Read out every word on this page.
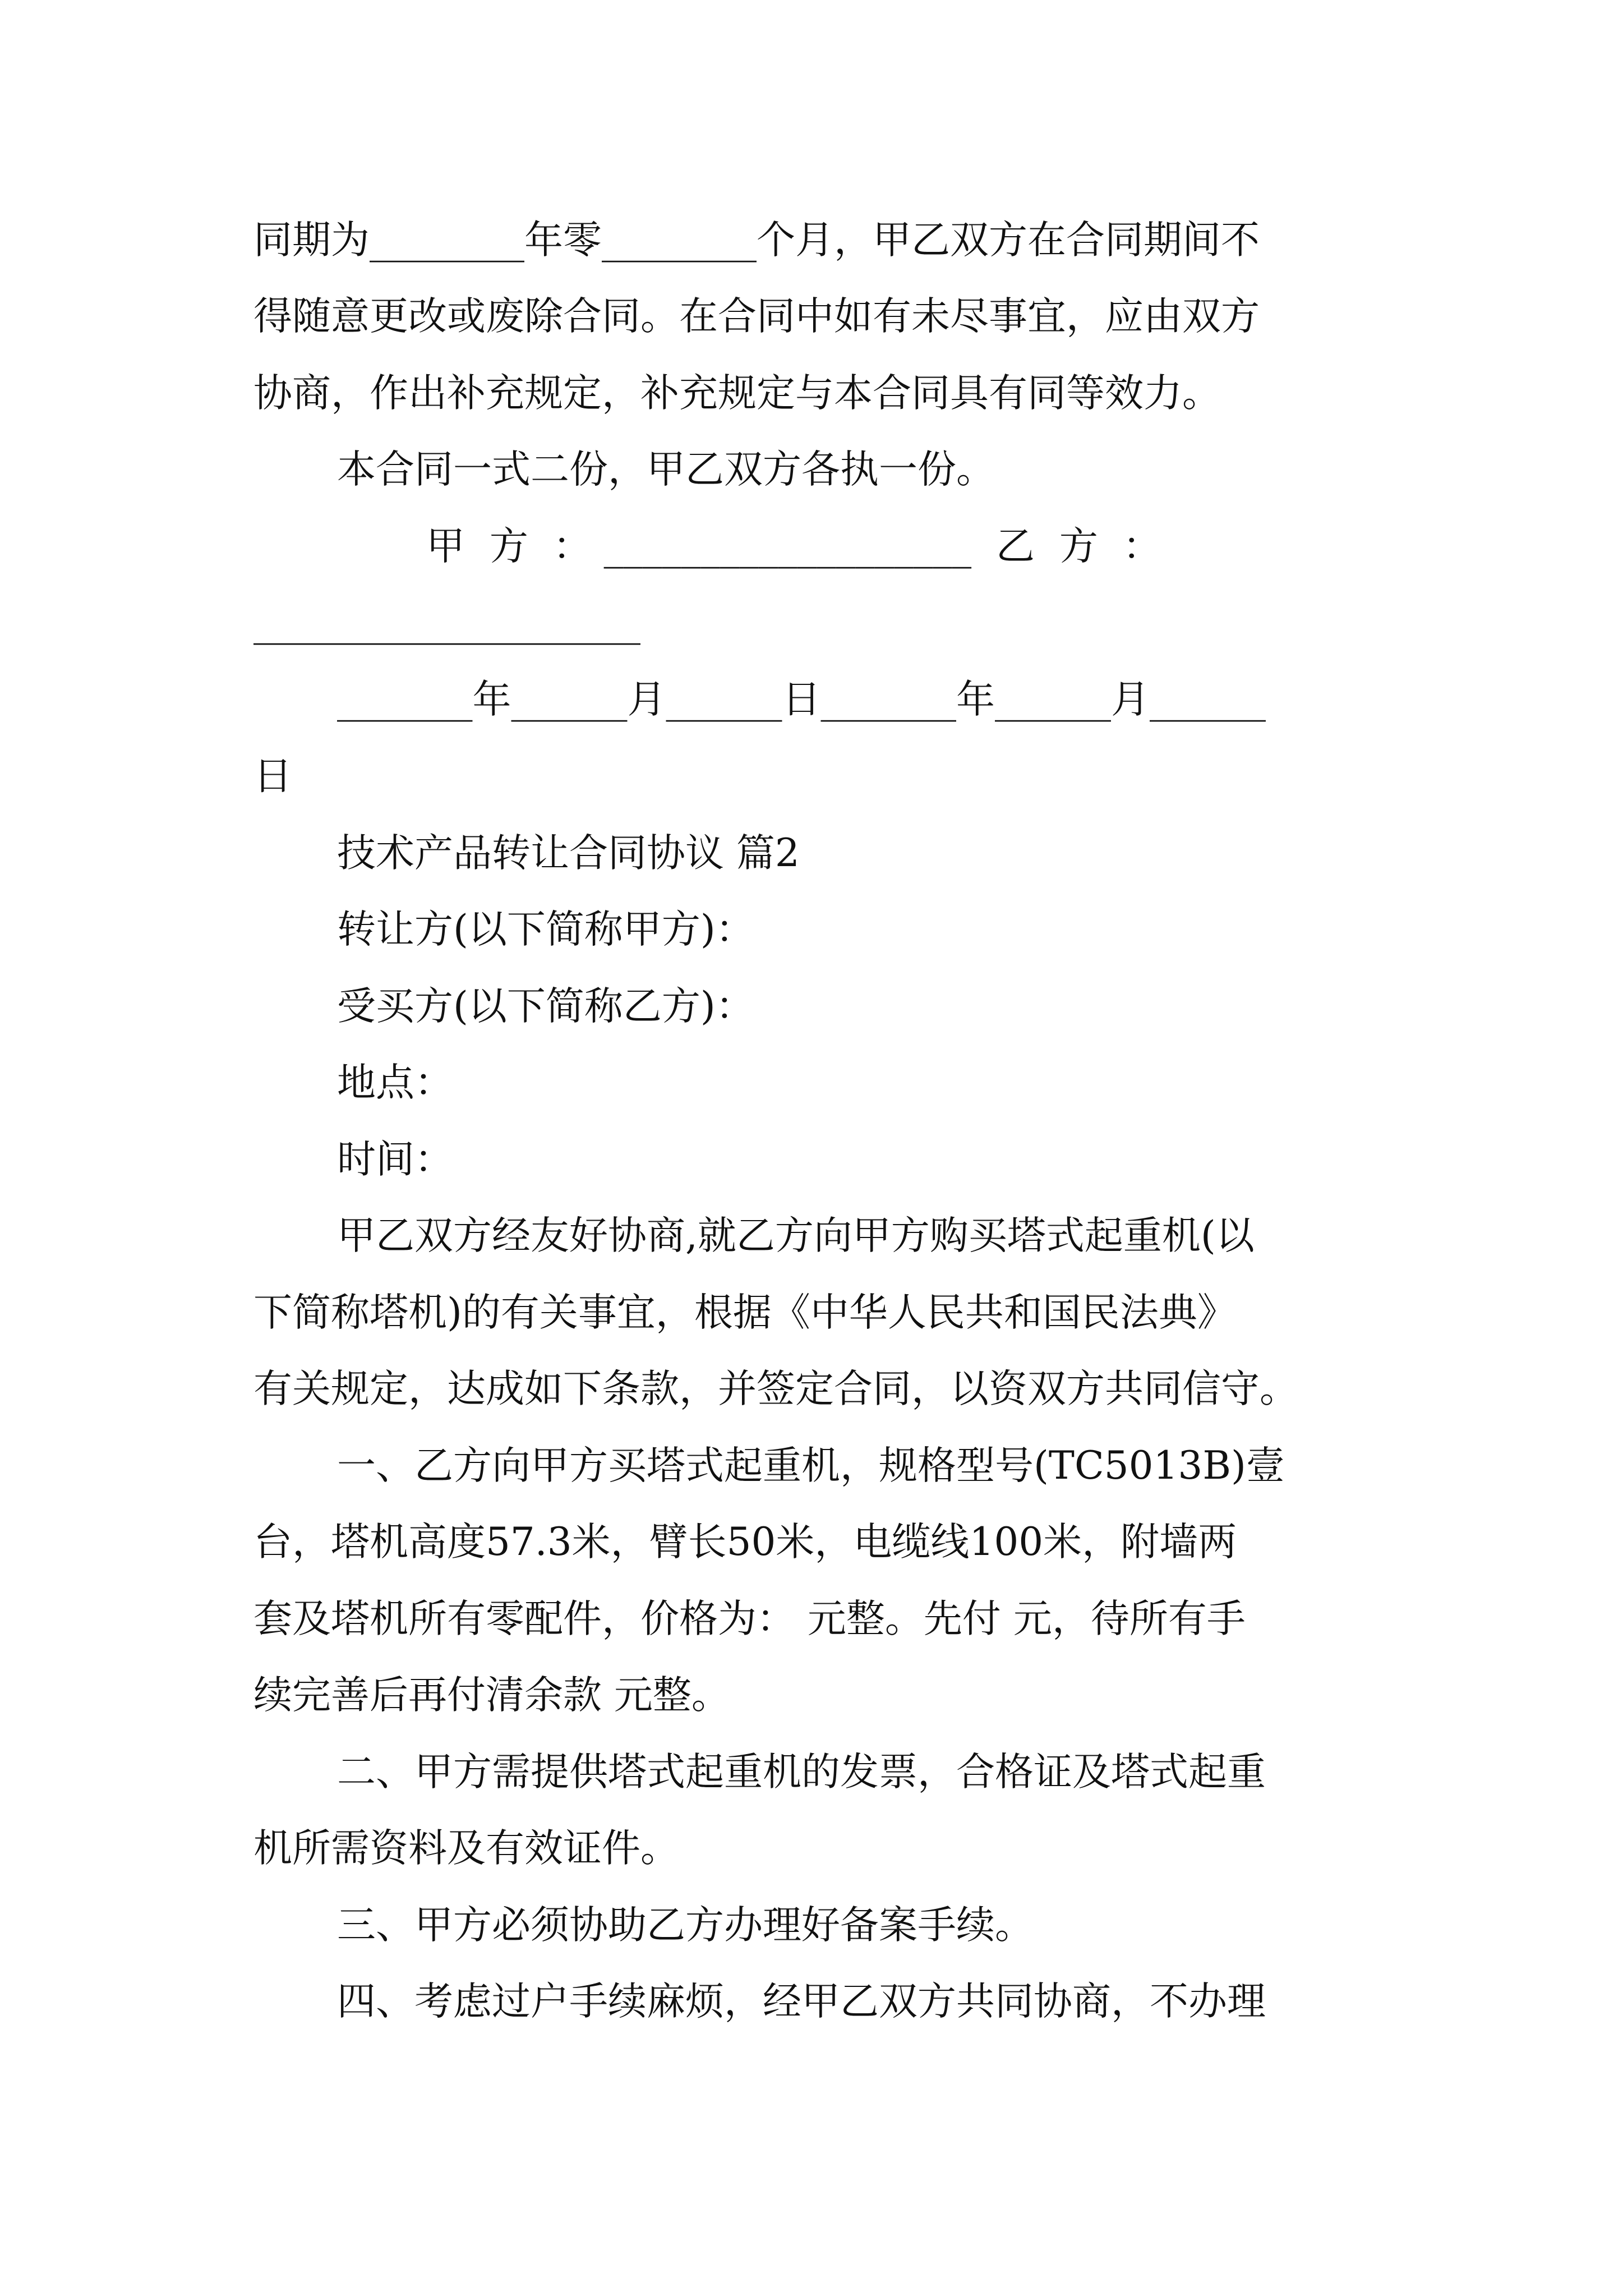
同期为________年零________个月，甲乙双方在合同期间不
得随意更改或废除合同。在合同中如有未尽事宜，应由双方
协商，作出补充规定，补充规定与本合同具有同等效力。
本合同一式二份，甲乙双方各执一份。
甲  方  ： ___________________  乙  方  ：
____________________
_______年______月______日_______年______月______
日
技术产品转让合同协议 篇2
转让方(以下简称甲方)：
受买方(以下简称乙方)：
地点：
时间：
甲乙双方经友好协商,就乙方向甲方购买塔式起重机(以
下简称塔机)的有关事宜，根据《中华人民共和国民法典》
有关规定，达成如下条款，并签定合同，以资双方共同信守。
一、乙方向甲方买塔式起重机，规格型号(TC5013B)壹
台，塔机高度57.3米，臂长50米，电缆线100米，附墙两
套及塔机所有零配件，价格为： 元整。先付 元，待所有手
续完善后再付清余款 元整。
二、甲方需提供塔式起重机的发票，合格证及塔式起重
机所需资料及有效证件。
三、甲方必须协助乙方办理好备案手续。
四、考虑过户手续麻烦，经甲乙双方共同协商，不办理
